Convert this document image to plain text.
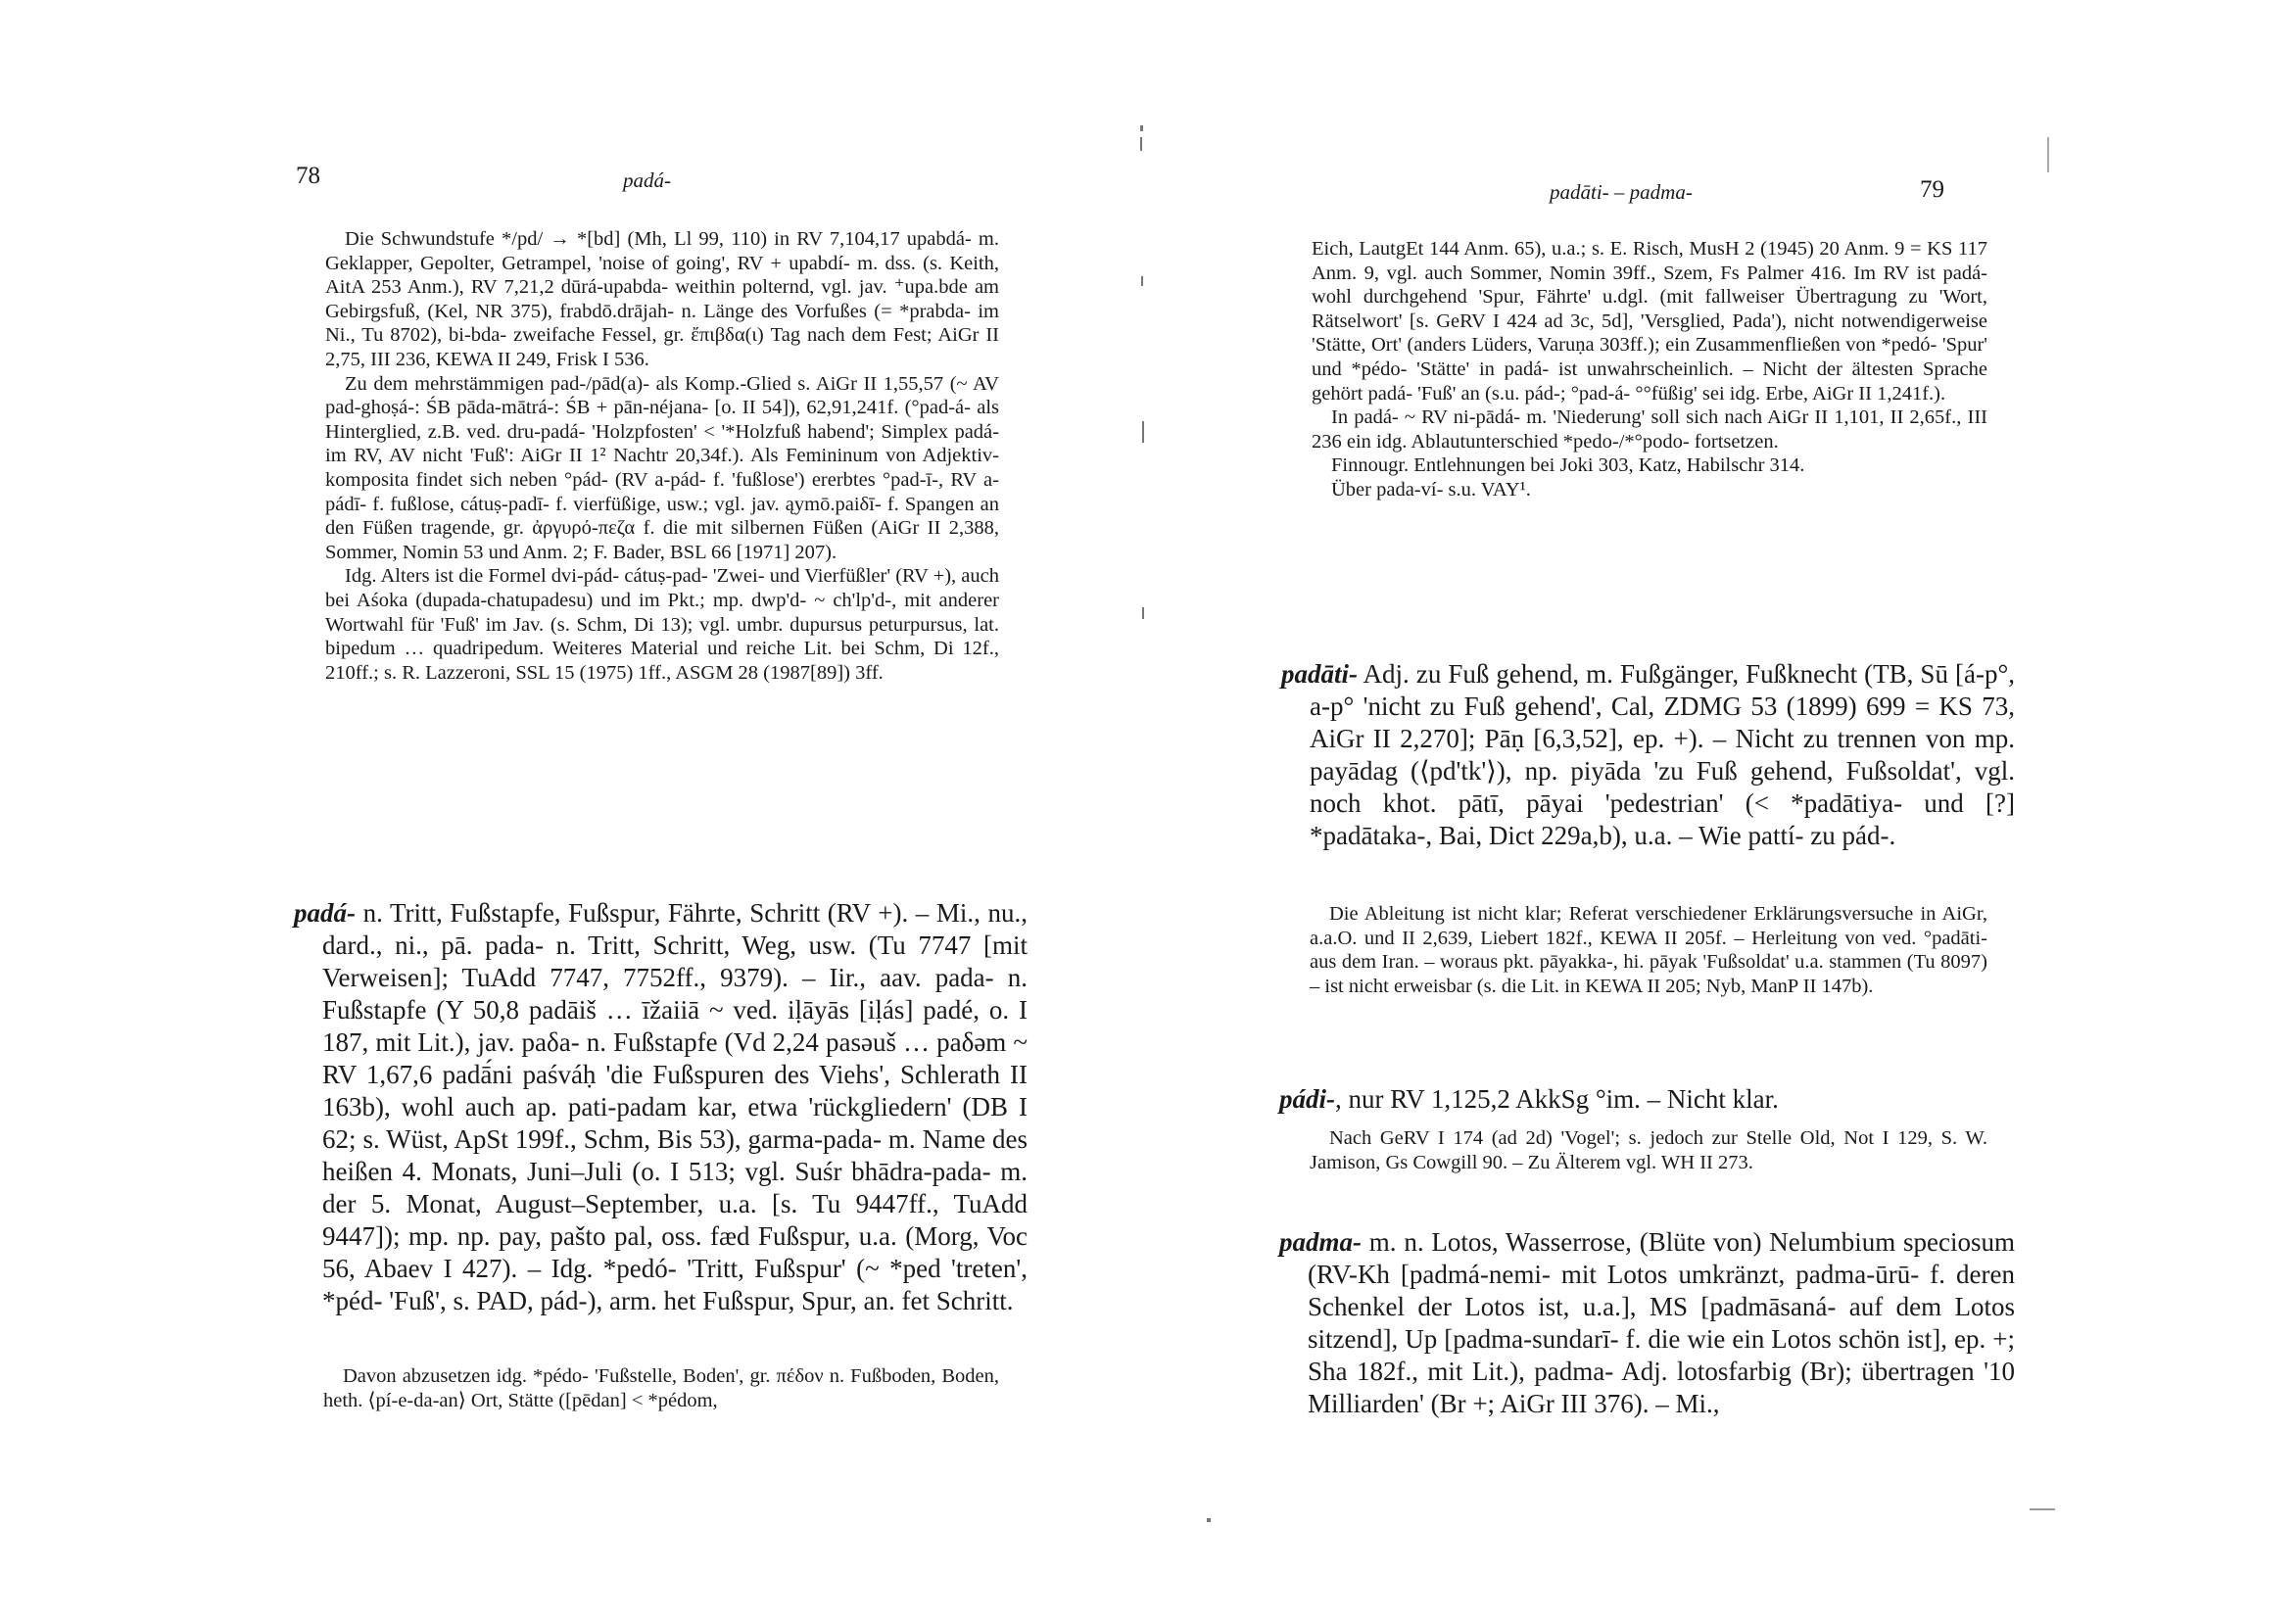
78	padá-

Die Schwundstufe */pd/ → *[bd] (Mh, Ll 99, 110) in RV 7,104,17 upabdá- m. Geklapper, Gepolter, Getrampel, 'noise of going', RV + upabdí- m. dss. (s. Keith, AitA 253 Anm.), RV 7,21,2 dūrá-upabda- weithin polternd, vgl. jav. ⁺upa.bde am Gebirgsfuß, (Kel, NR 375), frabdō.drājah- n. Länge des Vorfußes (= *prabda- im Ni., Tu 8702), bi-bda- zweifache Fessel, gr. ἔπιβδα(ι) Tag nach dem Fest; AiGr II 2,75, III 236, KEWA II 249, Frisk I 536.

Zu dem mehrstämmigen pad-/pād(a)- als Komp.-Glied s. AiGr II 1,55,57 (~ AV pad-ghoṣá-: ŚB pāda-mātrá-: ŚB + pān-néjana- [o. II 54]), 62,91,241f. (°pad-á- als Hinterglied, z.B. ved. dru-padá- 'Holzpfosten' < '*Holzfuß habend'; Simplex padá- im RV, AV nicht 'Fuß': AiGr II 1² Nachtr 20,34f.). Als Femininum von Adjektiv-komposita findet sich neben °pád- (RV a-pád- f. 'fußlose') ererbtes °pad-ī-, RV a-pádī- f. fußlose, cátuṣ-padī- f. vierfüßige, usw.; vgl. jav. ąymō.paiδī- f. Spangen an den Füßen tragende, gr. ἀργυρό-πεζα f. die mit silbernen Füßen (AiGr II 2,388, Sommer, Nomin 53 und Anm. 2; F. Bader, BSL 66 [1971] 207).

Idg. Alters ist die Formel dvi-pád- cátuṣ-pad- 'Zwei- und Vierfüßler' (RV +), auch bei Aśoka (dupada-chatupadesu) und im Pkt.; mp. dwp'd- ~ ch'lp'd-, mit anderer Wortwahl für 'Fuß' im Jav. (s. Schm, Di 13); vgl. umbr. dupursus peturpursus, lat. bipedum … quadripedum. Weiteres Material und reiche Lit. bei Schm, Di 12f., 210ff.; s. R. Lazzeroni, SSL 15 (1975) 1ff., ASGM 28 (1987[89]) 3ff.

padá- n. Tritt, Fußstapfe, Fußspur, Fährte, Schritt (RV +). – Mi., nu., dard., ni., pā. pada- n. Tritt, Schritt, Weg, usw. (Tu 7747 [mit Verweisen]; TuAdd 7747, 7752ff., 9379). – Iir., aav. pada- n. Fußstapfe (Y 50,8 padāiš … īžaiiā ~ ved. iḷāyās [iḷás] padé, o. I 187, mit Lit.), jav. paδa- n. Fußstapfe (Vd 2,24 pasəuš … paδəm ~ RV 1,67,6 padā́ni paśváḥ 'die Fußspuren des Viehs', Schlerath II 163b), wohl auch ap. pati-padam kar, etwa 'rückgliedern' (DB I 62; s. Wüst, ApSt 199f., Schm, Bis 53), garma-pada- m. Name des heißen 4. Monats, Juni–Juli (o. I 513; vgl. Suśr bhādra-pada- m. der 5. Monat, August–September, u.a. [s. Tu 9447ff., TuAdd 9447]); mp. np. pay, pašto pal, oss. fæd Fußspur, u.a. (Morg, Voc 56, Abaev I 427). – Idg. *pedó- 'Tritt, Fußspur' (~ *ped 'treten', *péd- 'Fuß', s. PAD, pád-), arm. het Fußspur, Spur, an. fet Schritt.

Davon abzusetzen idg. *pédo- 'Fußstelle, Boden', gr. πέδον n. Fußboden, Boden, heth. ⟨pí-e-da-an⟩ Ort, Stätte ([pēdan] < *pédom,

padāti- – padma-	79

Eich, LautgEt 144 Anm. 65), u.a.; s. E. Risch, MusH 2 (1945) 20 Anm. 9 = KS 117 Anm. 9, vgl. auch Sommer, Nomin 39ff., Szem, Fs Palmer 416. Im RV ist padá- wohl durchgehend 'Spur, Fährte' u.dgl. (mit fallweiser Übertragung zu 'Wort, Rätselwort' [s. GeRV I 424 ad 3c, 5d], 'Versglied, Pada'), nicht notwendigerweise 'Stätte, Ort' (anders Lüders, Varuṇa 303ff.); ein Zusammenfließen von *pedó- 'Spur' und *pédo- 'Stätte' in padá- ist unwahrscheinlich. – Nicht der ältesten Sprache gehört padá- 'Fuß' an (s.u. pád-; °pad-á- °°füßig' sei idg. Erbe, AiGr II 1,241f.).

In padá- ~ RV ni-pādá- m. 'Niederung' soll sich nach AiGr II 1,101, II 2,65f., III 236 ein idg. Ablautunterschied *pedo-/*°podo- fortsetzen.

Finnougr. Entlehnungen bei Joki 303, Katz, Habilschr 314.

Über pada-ví- s.u. VAY¹.

padāti- Adj. zu Fuß gehend, m. Fußgänger, Fußknecht (TB, Sū [á-p°, a-p° 'nicht zu Fuß gehend', Cal, ZDMG 53 (1899) 699 = KS 73, AiGr II 2,270]; Pāṇ [6,3,52], ep. +). – Nicht zu trennen von mp. payādag (⟨pd'tk'⟩), np. piyāda 'zu Fuß gehend, Fußsoldat', vgl. noch khot. pātī, pāyai 'pedestrian' (< *padātiya- und [?] *padātaka-, Bai, Dict 229a,b), u.a. – Wie pattí- zu pád-.

Die Ableitung ist nicht klar; Referat verschiedener Erklärungsversuche in AiGr, a.a.O. und II 2,639, Liebert 182f., KEWA II 205f. – Herleitung von ved. °padāti- aus dem Iran. – woraus pkt. pāyakka-, hi. pāyak 'Fußsoldat' u.a. stammen (Tu 8097) – ist nicht erweisbar (s. die Lit. in KEWA II 205; Nyb, ManP II 147b).

pádi-, nur RV 1,125,2 AkkSg °im. – Nicht klar.

Nach GeRV I 174 (ad 2d) 'Vogel'; s. jedoch zur Stelle Old, Not I 129, S. W. Jamison, Gs Cowgill 90. – Zu Älterem vgl. WH II 273.

padma- m. n. Lotos, Wasserrose, (Blüte von) Nelumbium speciosum (RV-Kh [padmá-nemi- mit Lotos umkränzt, padma-ūrū- f. deren Schenkel der Lotos ist, u.a.], MS [padmāsaná- auf dem Lotos sitzend], Up [padma-sundarī- f. die wie ein Lotos schön ist], ep. +; Sha 182f., mit Lit.), padma- Adj. lotosfarbig (Br); übertragen '10 Milliarden' (Br +; AiGr III 376). – Mi.,
